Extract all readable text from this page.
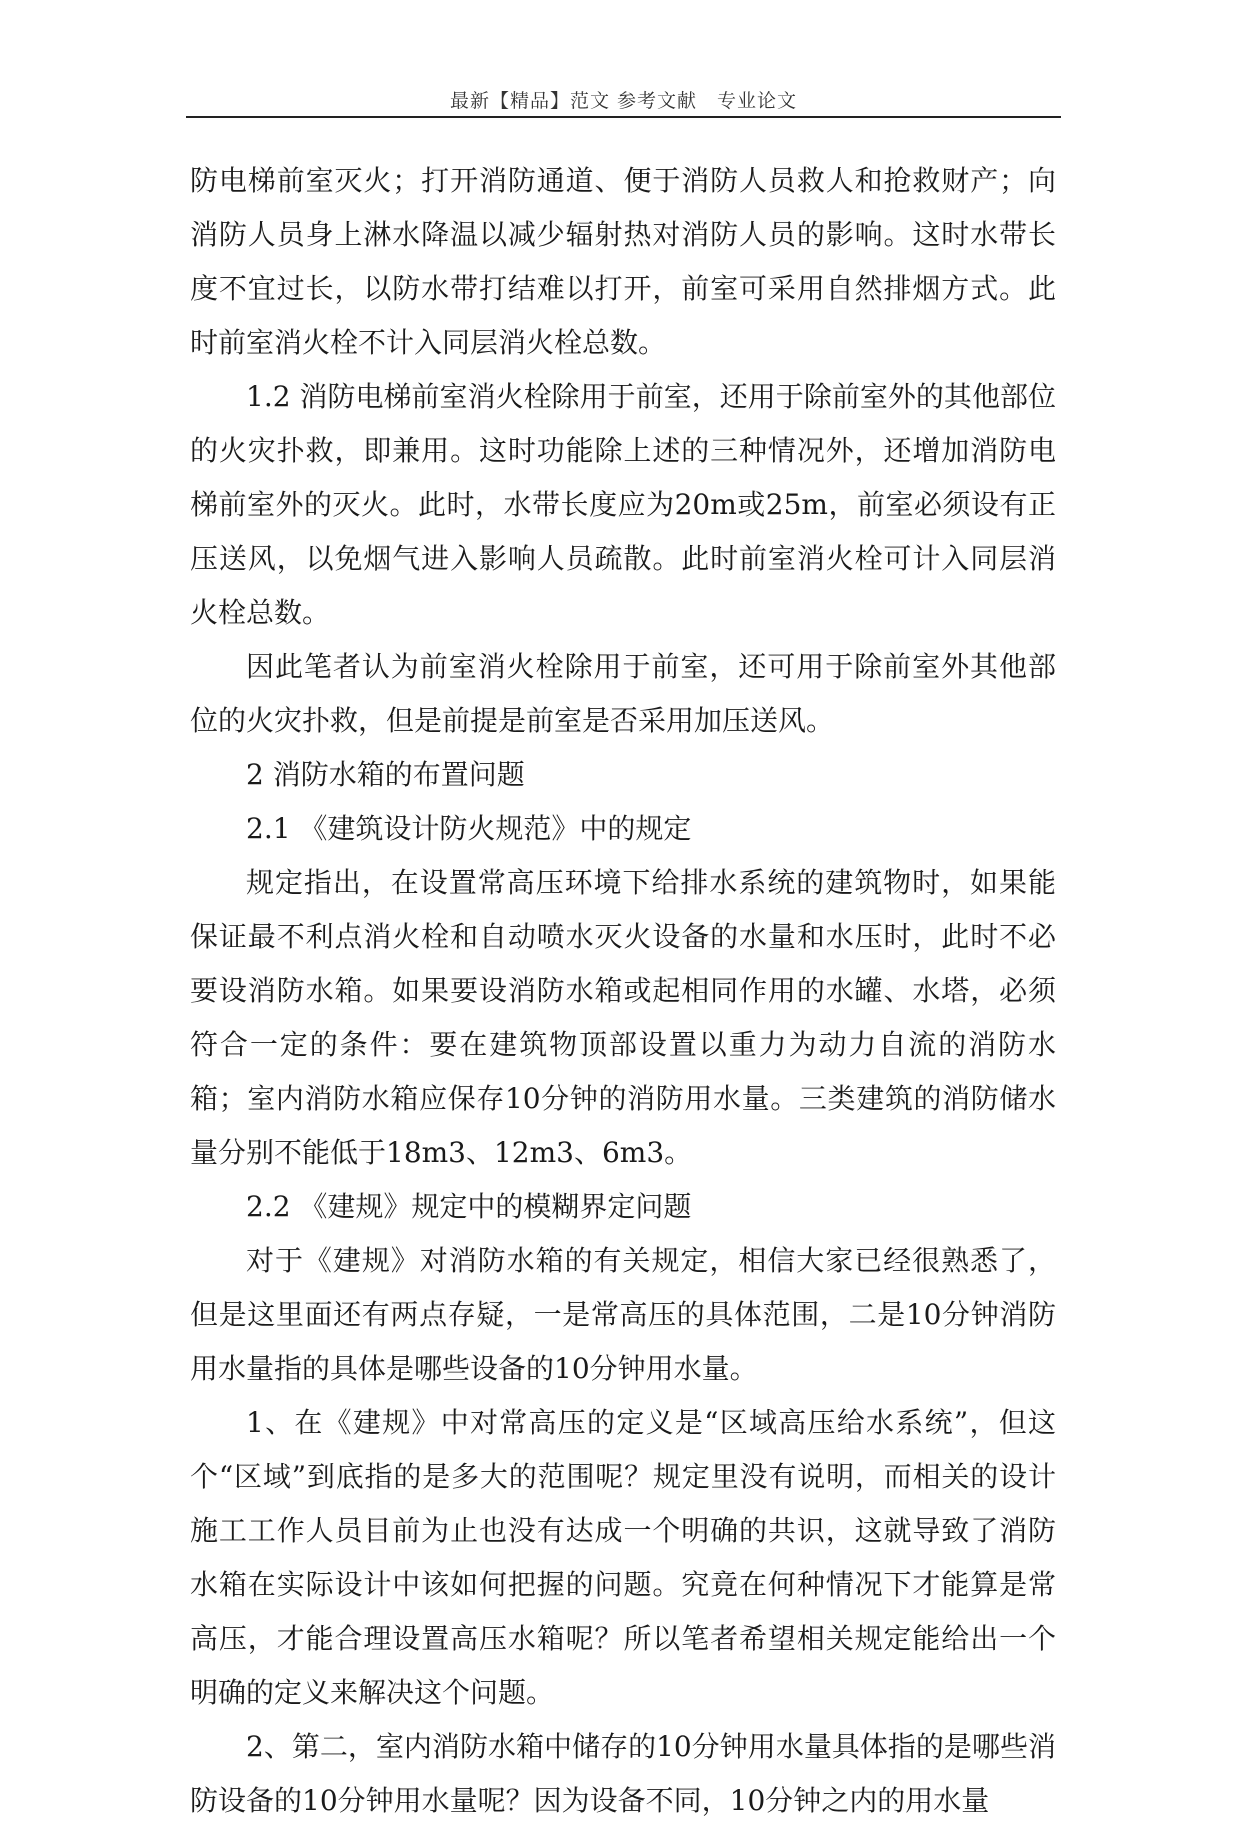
最新【精品】范文 参考文献　专业论文

防电梯前室灭火；打开消防通道、便于消防人员救人和抢救财产；向消防人员身上淋水降温以减少辐射热对消防人员的影响。这时水带长度不宜过长，以防水带打结难以打开，前室可采用自然排烟方式。此时前室消火栓不计入同层消火栓总数。

1.2 消防电梯前室消火栓除用于前室，还用于除前室外的其他部位的火灾扑救，即兼用。这时功能除上述的三种情况外，还增加消防电梯前室外的灭火。此时，水带长度应为20m或25m，前室必须设有正压送风，以免烟气进入影响人员疏散。此时前室消火栓可计入同层消火栓总数。

因此笔者认为前室消火栓除用于前室，还可用于除前室外其他部位的火灾扑救，但是前提是前室是否采用加压送风。

2 消防水箱的布置问题

2.1 《建筑设计防火规范》中的规定

规定指出，在设置常高压环境下给排水系统的建筑物时，如果能保证最不利点消火栓和自动喷水灭火设备的水量和水压时，此时不必要设消防水箱。如果要设消防水箱或起相同作用的水罐、水塔，必须符合一定的条件：要在建筑物顶部设置以重力为动力自流的消防水箱；室内消防水箱应保存10分钟的消防用水量。三类建筑的消防储水量分别不能低于18m3、12m3、6m3。

2.2 《建规》规定中的模糊界定问题

对于《建规》对消防水箱的有关规定，相信大家已经很熟悉了，但是这里面还有两点存疑，一是常高压的具体范围，二是10分钟消防用水量指的具体是哪些设备的10分钟用水量。

1、在《建规》中对常高压的定义是“区域高压给水系统”，但这个“区域”到底指的是多大的范围呢？规定里没有说明，而相关的设计施工工作人员目前为止也没有达成一个明确的共识，这就导致了消防水箱在实际设计中该如何把握的问题。究竟在何种情况下才能算是常高压，才能合理设置高压水箱呢？所以笔者希望相关规定能给出一个明确的定义来解决这个问题。

2、第二，室内消防水箱中储存的10分钟用水量具体指的是哪些消防设备的10分钟用水量呢？因为设备不同，10分钟之内的用水量
